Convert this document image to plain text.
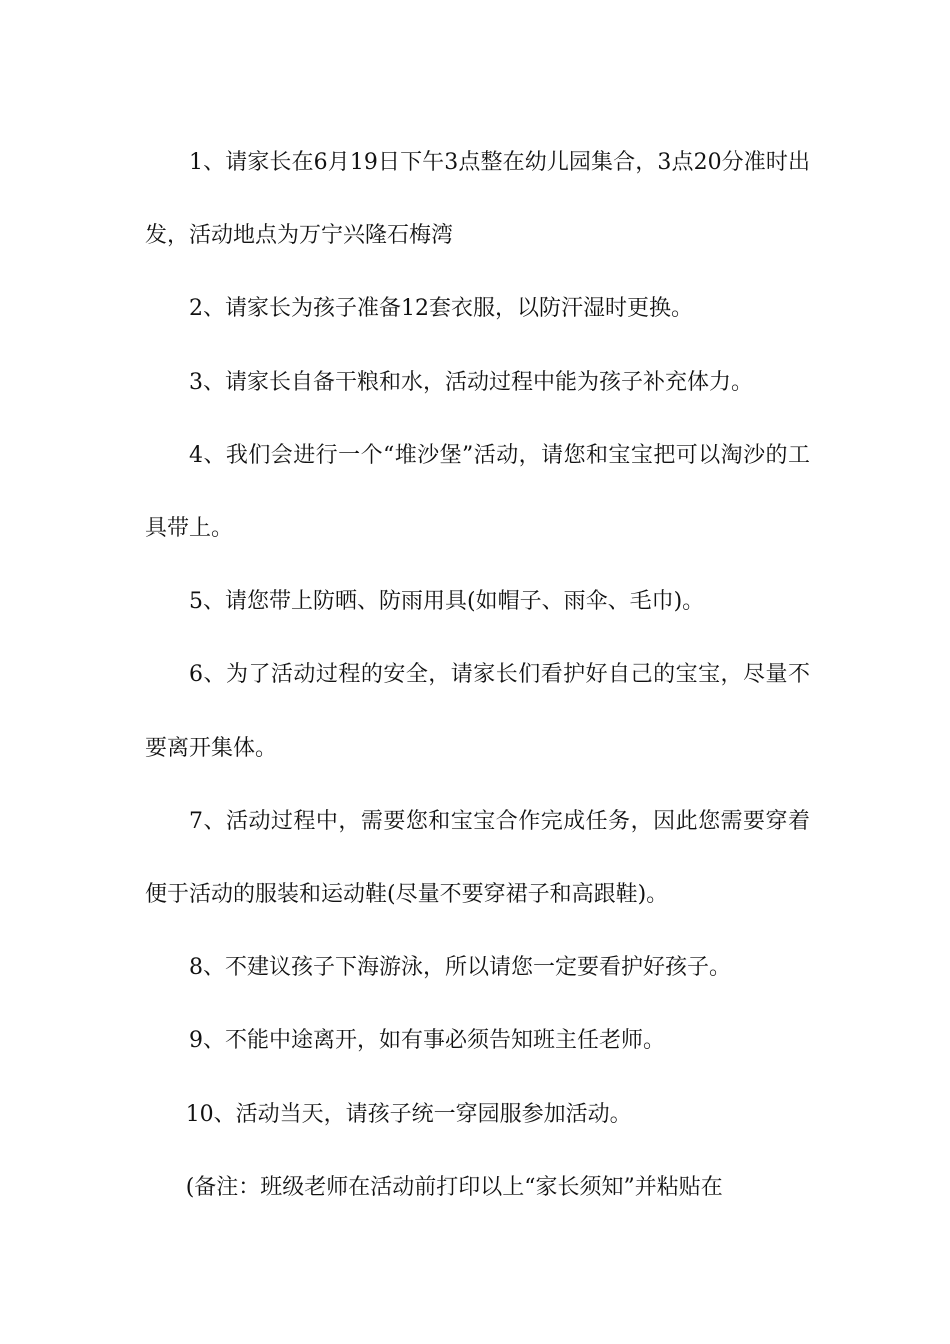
1、请家长在6月19日下午3点整在幼儿园集合，3点20分准时出发，活动地点为万宁兴隆石梅湾

2、请家长为孩子准备12套衣服，以防汗湿时更换。

3、请家长自备干粮和水，活动过程中能为孩子补充体力。

4、我们会进行一个“堆沙堡”活动，请您和宝宝把可以淘沙的工具带上。

5、请您带上防晒、防雨用具(如帽子、雨伞、毛巾)。

6、为了活动过程的安全，请家长们看护好自己的宝宝，尽量不要离开集体。

7、活动过程中，需要您和宝宝合作完成任务，因此您需要穿着便于活动的服装和运动鞋(尽量不要穿裙子和高跟鞋)。

8、不建议孩子下海游泳，所以请您一定要看护好孩子。

9、不能中途离开，如有事必须告知班主任老师。

10、活动当天，请孩子统一穿园服参加活动。

(备注：班级老师在活动前打印以上“家长须知”并粘贴在
